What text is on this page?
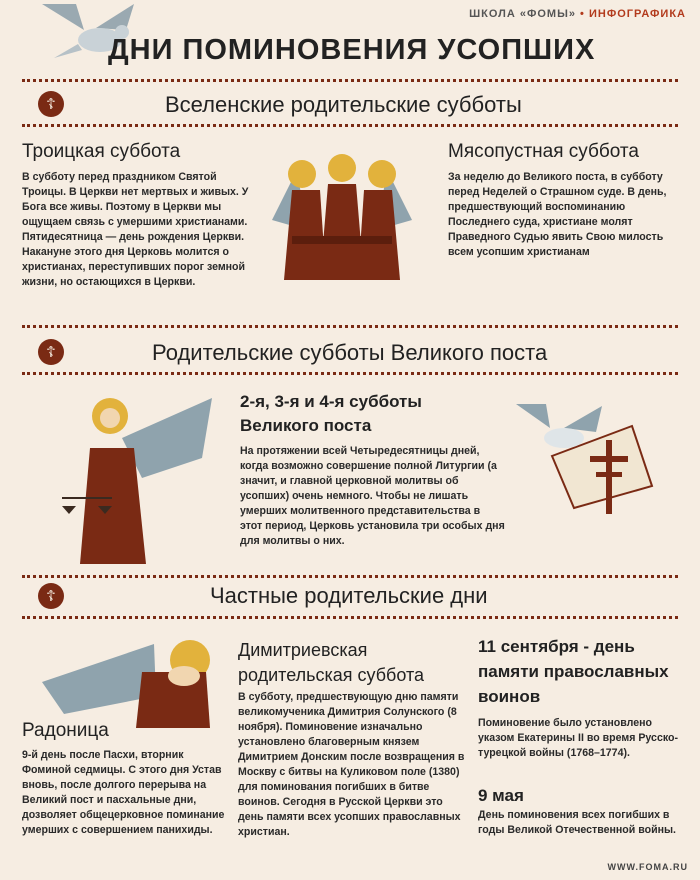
ШКОЛА «ФОМЫ» • ИНФОГРАФИКА
ДНИ ПОМИНОВЕНИЯ УСОПШИХ
☦	Вселенские родительские субботы
Троицкая суббота
В субботу перед праздником Святой Троицы. В Церкви нет мертвых и живых. У Бога все живы. Поэтому в Церкви мы ощущаем связь с умершими христианами. Пятидесятница — день рождения Церкви. Накануне этого дня Церковь молится о христианах, переступивших порог земной жизни, но остающихся в Церкви.
Мясопустная суббота
За неделю до Великого поста, в субботу перед Неделей о Страшном суде. В день, предшествующий воспоминанию Последнего суда, христиане молят Праведного Судью явить Свою милость всем усопшим христианам
☦	Родительские субботы Великого поста
2-я, 3-я и 4-я субботы Великого поста
На протяжении всей Четыредесятницы дней, когда возможно совершение полной Литургии (а значит, и главной церковной молитвы об усопших) очень немного. Чтобы не лишать умерших молитвенного представительства в этот период, Церковь установила три особых дня для молитвы о них.
☦	Частные родительские дни
Радоница
9-й день после Пасхи, вторник Фоминой седмицы. С этого дня Устав вновь, после долгого перерыва на Великий пост и пасхальные дни, дозволяет общецерковное поминание умерших с совершением панихиды.
Димитриевская родительская суббота
В субботу, предшествующую дню памяти великомученика Димитрия Солунского (8 ноября). Поминовение изначально установлено благоверным князем Димитрием Донским после возвращения в Москву с битвы на Куликовом поле (1380) для поминования погибших в битве воинов. Сегодня в Русской Церкви это день памяти всех усопших православных христиан.
11 сентября - день памяти православных воинов
Поминовение было установлено указом Екатерины II во время Русско-турецкой войны (1768–1774).
9 мая
День поминовения всех погибших в годы Великой Отечественной войны.
WWW.FOMA.RU
